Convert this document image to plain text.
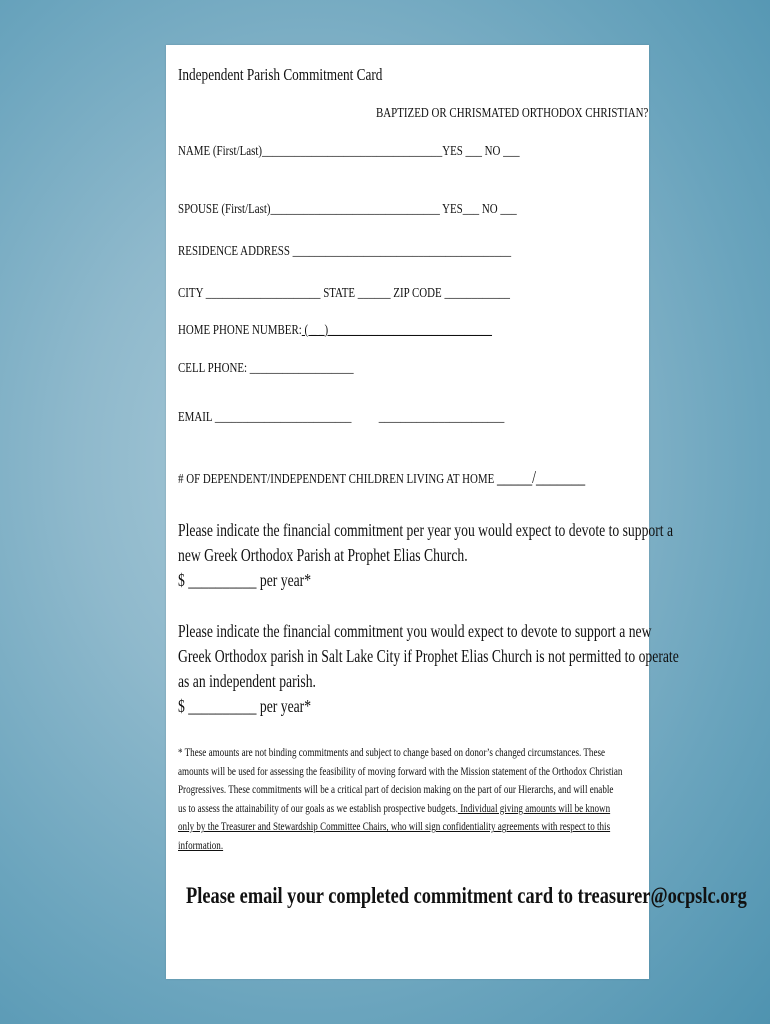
Independent Parish Commitment Card
BAPTIZED OR CHRISMATED ORTHODOX CHRISTIAN?
NAME (First/Last)_________________________________YES ___ NO ___
SPOUSE (First/Last)_______________________________ YES___ NO ___
RESIDENCE ADDRESS ________________________________________
CITY _____________________ STATE ______ ZIP CODE ____________
HOME PHONE NUMBER: ( _ _)______________________________
CELL PHONE: ___________________
EMAIL _________________________ _______________________
# OF DEPENDENT/INDEPENDENT CHILDREN LIVING AT HOME _____/_______
Please indicate the financial commitment per year you would expect to devote to support a
new Greek Orthodox Parish at Prophet Elias Church.
$ __________ per year*
Please indicate the financial commitment you would expect to devote to support a new
Greek Orthodox parish in Salt Lake City if Prophet Elias Church is not permitted to operate
as an independent parish.
$ __________ per year*
* These amounts are not binding commitments and subject to change based on donor’s changed circumstances. These
amounts will be used for assessing the feasibility of moving forward with the Mission statement of the Orthodox Christian
Progressives. These commitments will be a critical part of decision making on the part of our Hierarchs, and will enable
us to assess the attainability of our goals as we establish prospective budgets. Individual giving amounts will be known
only by the Treasurer and Stewardship Committee Chairs, who will sign confidentiality agreements with respect to this
information.
Please email your completed commitment card to treasurer@ocpslc.org
